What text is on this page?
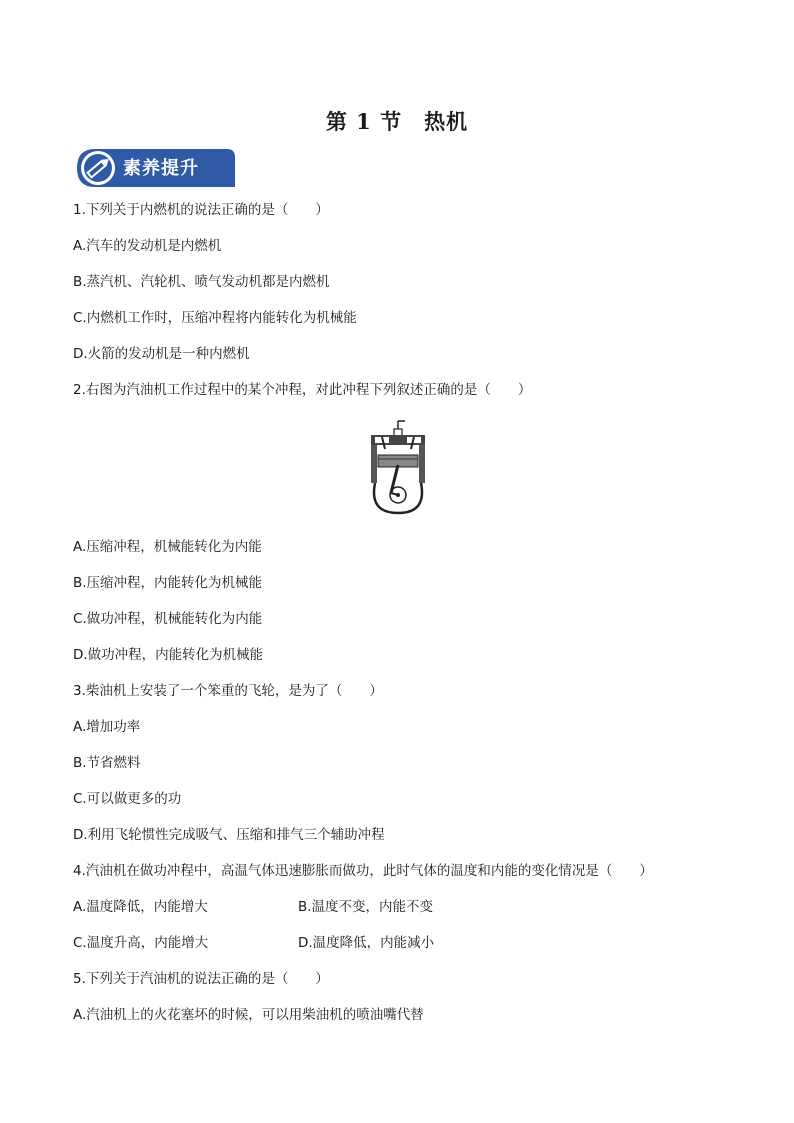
第 1 节　热机
素养提升
1.下列关于内燃机的说法正确的是（　　）
A.汽车的发动机是内燃机
B.蒸汽机、汽轮机、喷气发动机都是内燃机
C.内燃机工作时，压缩冲程将内能转化为机械能
D.火箭的发动机是一种内燃机
2.右图为汽油机工作过程中的某个冲程，对此冲程下列叙述正确的是（　　）
A.压缩冲程，机械能转化为内能
B.压缩冲程，内能转化为机械能
C.做功冲程，机械能转化为内能
D.做功冲程，内能转化为机械能
3.柴油机上安装了一个笨重的飞轮，是为了（　　）
A.增加功率
B.节省燃料
C.可以做更多的功
D.利用飞轮惯性完成吸气、压缩和排气三个辅助冲程
4.汽油机在做功冲程中，高温气体迅速膨胀而做功，此时气体的温度和内能的变化情况是（　　）
A.温度降低，内能增大	B.温度不变，内能不变
C.温度升高，内能增大	D.温度降低，内能减小
5.下列关于汽油机的说法正确的是（　　）
A.汽油机上的火花塞坏的时候，可以用柴油机的喷油嘴代替
